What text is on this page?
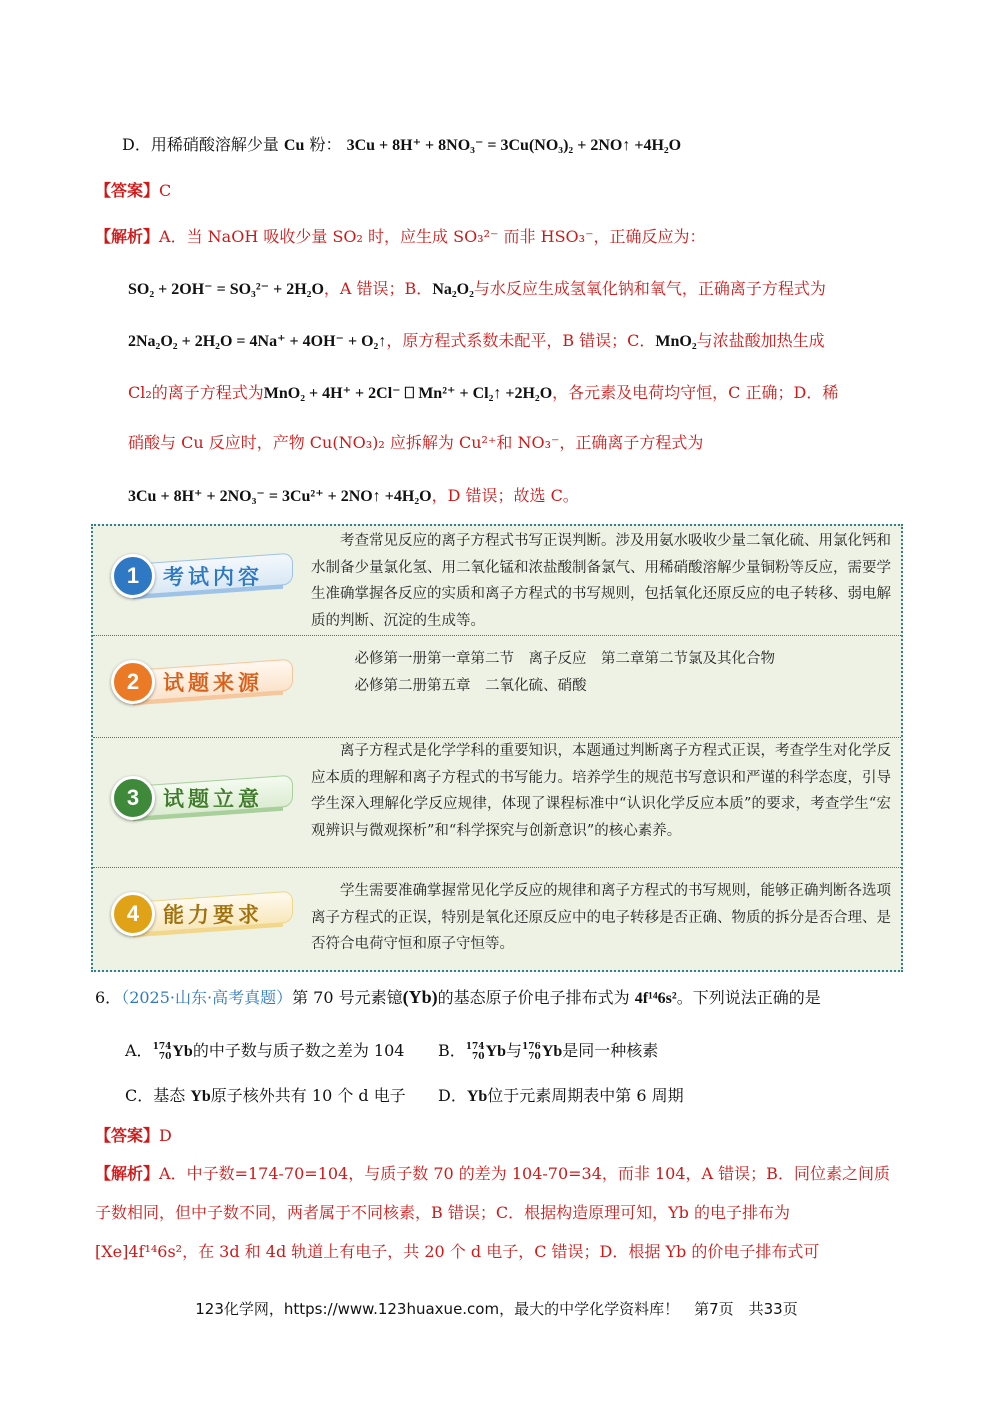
D．用稀硝酸溶解少量 Cu 粉： 3Cu + 8H⁺ + 8NO₃⁻ = 3Cu(NO₃)₂ + 2NO↑ +4H₂O
【答案】C
【解析】A．当 NaOH 吸收少量 SO₂ 时，应生成 SO₃²⁻ 而非 HSO₃⁻，正确反应为：
SO₂ + 2OH⁻ = SO₃²⁻ + 2H₂O，A 错误；B．Na₂O₂与水反应生成氢氧化钠和氧气，正确离子方程式为
2Na₂O₂ + 2H₂O = 4Na⁺ + 4OH⁻ + O₂↑，原方程式系数未配平，B 错误；C．MnO₂与浓盐酸加热生成
Cl₂的离子方程式为MnO₂ + 4H⁺ + 2Cl⁻ ⎕ Mn²⁺ + Cl₂↑ +2H₂O，各元素及电荷均守恒，C 正确；D．稀
硝酸与 Cu 反应时，产物 Cu(NO₃)₂ 应拆解为 Cu²⁺和 NO₃⁻，正确离子方程式为
3Cu + 8H⁺ + 2NO₃⁻ = 3Cu²⁺ + 2NO↑ +4H₂O，D 错误；故选 C。
1	考试内容
　　考查常见反应的离子方程式书写正误判断。涉及用氨水吸收少量二氧化硫、用氯化钙和水制备少量氯化氢、用二氧化锰和浓盐酸制备氯气、用稀硝酸溶解少量铜粉等反应，需要学生准确掌握各反应的实质和离子方程式的书写规则，包括氧化还原反应的电子转移、弱电解质的判断、沉淀的生成等。
2	试题来源
　　　必修第一册第一章第二节　离子反应　第二章第二节氯及其化合物
　　　必修第二册第五章　二氧化硫、硝酸
3	试题立意
　　离子方程式是化学学科的重要知识，本题通过判断离子方程式正误，考查学生对化学反应本质的理解和离子方程式的书写能力。培养学生的规范书写意识和严谨的科学态度，引导学生深入理解化学反应规律，体现了课程标准中“认识化学反应本质”的要求，考查学生“宏观辨识与微观探析”和“科学探究与创新意识”的核心素养。
4	能力要求
　　学生需要准确掌握常见化学反应的规律和离子方程式的书写规则，能够正确判断各选项离子方程式的正误，特别是氧化还原反应中的电子转移是否正确、物质的拆分是否合理、是否符合电荷守恒和原子守恒等。
6．（2025·山东·高考真题）第 70 号元素镱(Yb)的基态原子价电子排布式为 4f¹⁴6s²。下列说法正确的是
A． 174
70 Yb的中子数与质子数之差为 104 B． 174
70 Yb与 176
70 Yb是同一种核素
C．基态 Yb原子核外共有 10 个 d 电子 D．Yb位于元素周期表中第 6 周期
【答案】D
【解析】A．中子数=174-70=104，与质子数 70 的差为 104-70=34，而非 104，A 错误；B．同位素之间质
子数相同，但中子数不同，两者属于不同核素，B 错误；C．根据构造原理可知，Yb 的电子排布为
[Xe]4f¹⁴6s²，在 3d 和 4d 轨道上有电子，共 20 个 d 电子，C 错误；D．根据 Yb 的价电子排布式可
123化学网，https://www.123huaxue.com，最大的中学化学资料库！　第7页　共33页
